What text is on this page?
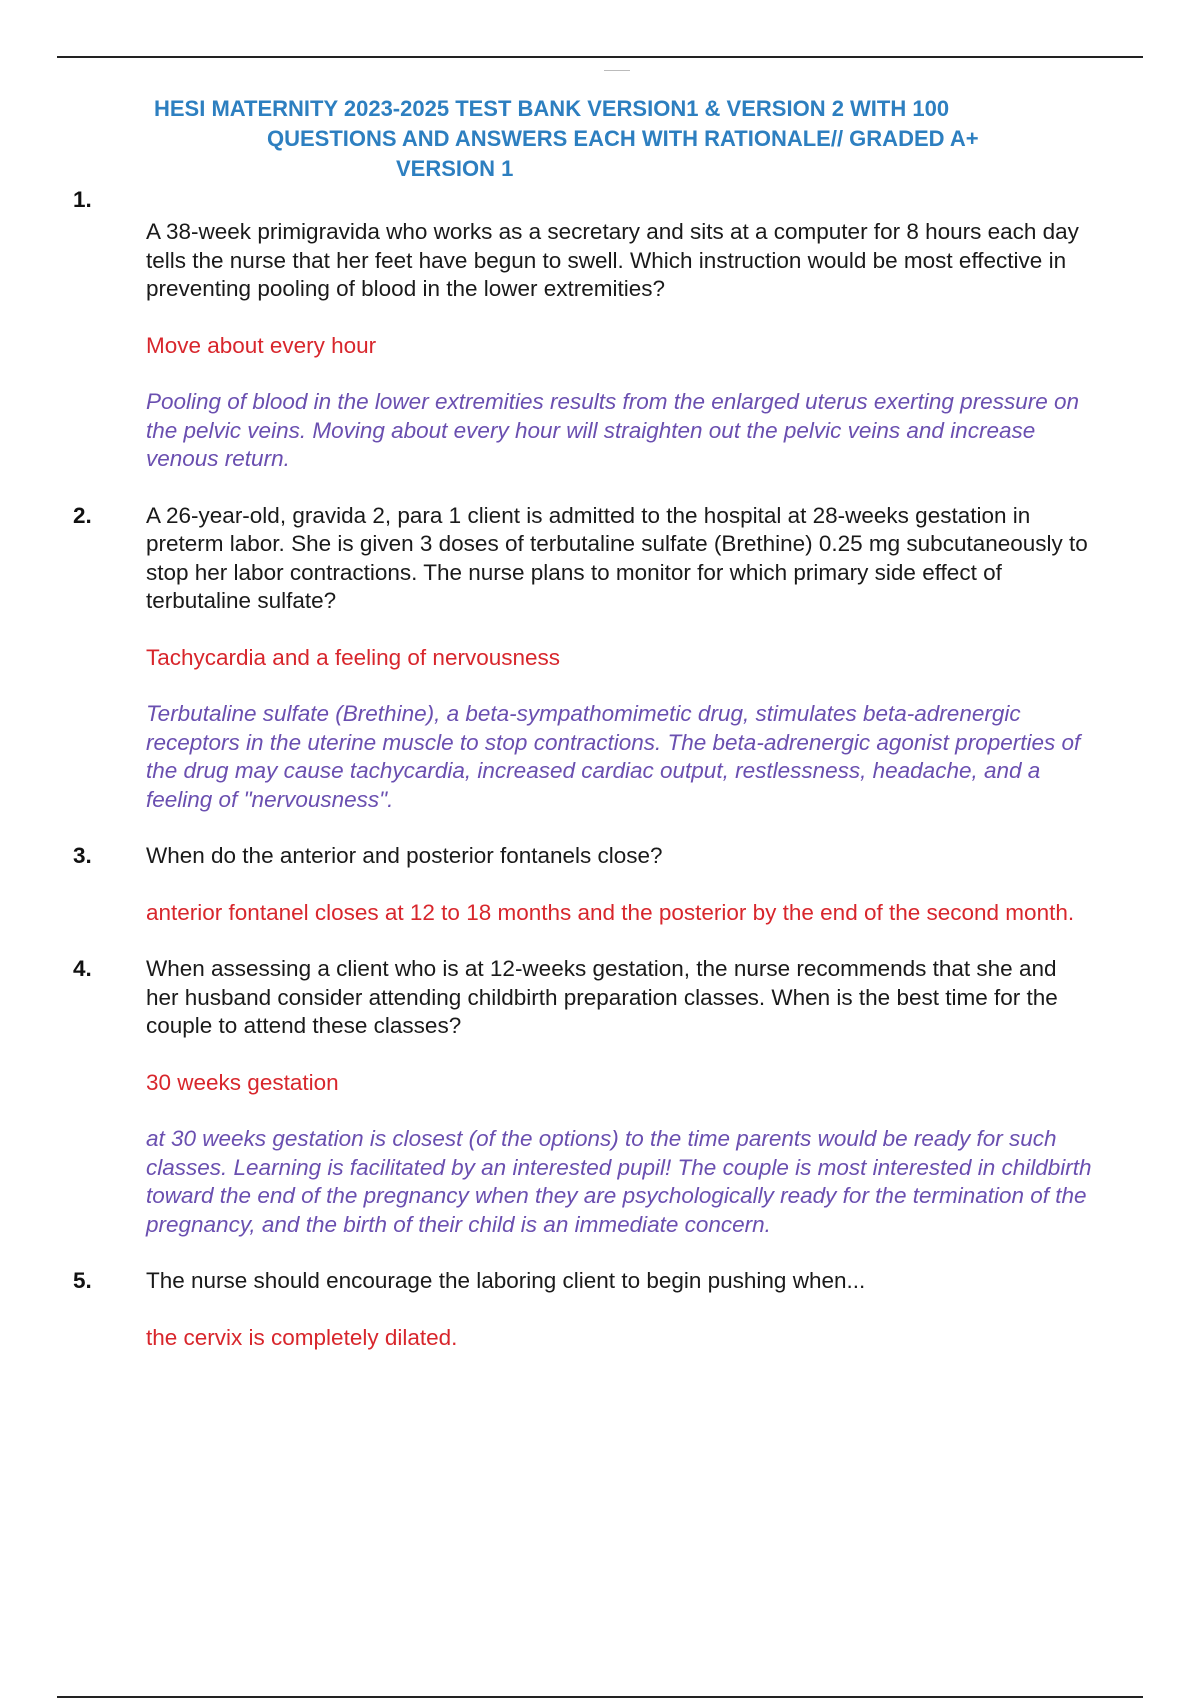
HESI MATERNITY 2023-2025 TEST BANK VERSION1 & VERSION 2 WITH 100
QUESTIONS AND ANSWERS EACH WITH RATIONALE// GRADED A+
VERSION 1
1.
A 38-week primigravida who works as a secretary and sits at a computer for 8 hours each day tells the nurse that her feet have begun to swell. Which instruction would be most effective in preventing pooling of blood in the lower extremities?
Move about every hour
Pooling of blood in the lower extremities results from the enlarged uterus exerting pressure on the pelvic veins. Moving about every hour will straighten out the pelvic veins and increase venous return.
2. A 26-year-old, gravida 2, para 1 client is admitted to the hospital at 28-weeks gestation in preterm labor. She is given 3 doses of terbutaline sulfate (Brethine) 0.25 mg subcutaneously to stop her labor contractions. The nurse plans to monitor for which primary side effect of terbutaline sulfate?
Tachycardia and a feeling of nervousness
Terbutaline sulfate (Brethine), a beta-sympathomimetic drug, stimulates beta-adrenergic receptors in the uterine muscle to stop contractions. The beta-adrenergic agonist properties of the drug may cause tachycardia, increased cardiac output, restlessness, headache, and a feeling of "nervousness".
3. When do the anterior and posterior fontanels close?
anterior fontanel closes at 12 to 18 months and the posterior by the end of the second month.
4. When assessing a client who is at 12-weeks gestation, the nurse recommends that she and her husband consider attending childbirth preparation classes. When is the best time for the couple to attend these classes?
30 weeks gestation
at 30 weeks gestation is closest (of the options) to the time parents would be ready for such classes. Learning is facilitated by an interested pupil! The couple is most interested in childbirth toward the end of the pregnancy when they are psychologically ready for the termination of the pregnancy, and the birth of their child is an immediate concern.
5. The nurse should encourage the laboring client to begin pushing when...
the cervix is completely dilated.
